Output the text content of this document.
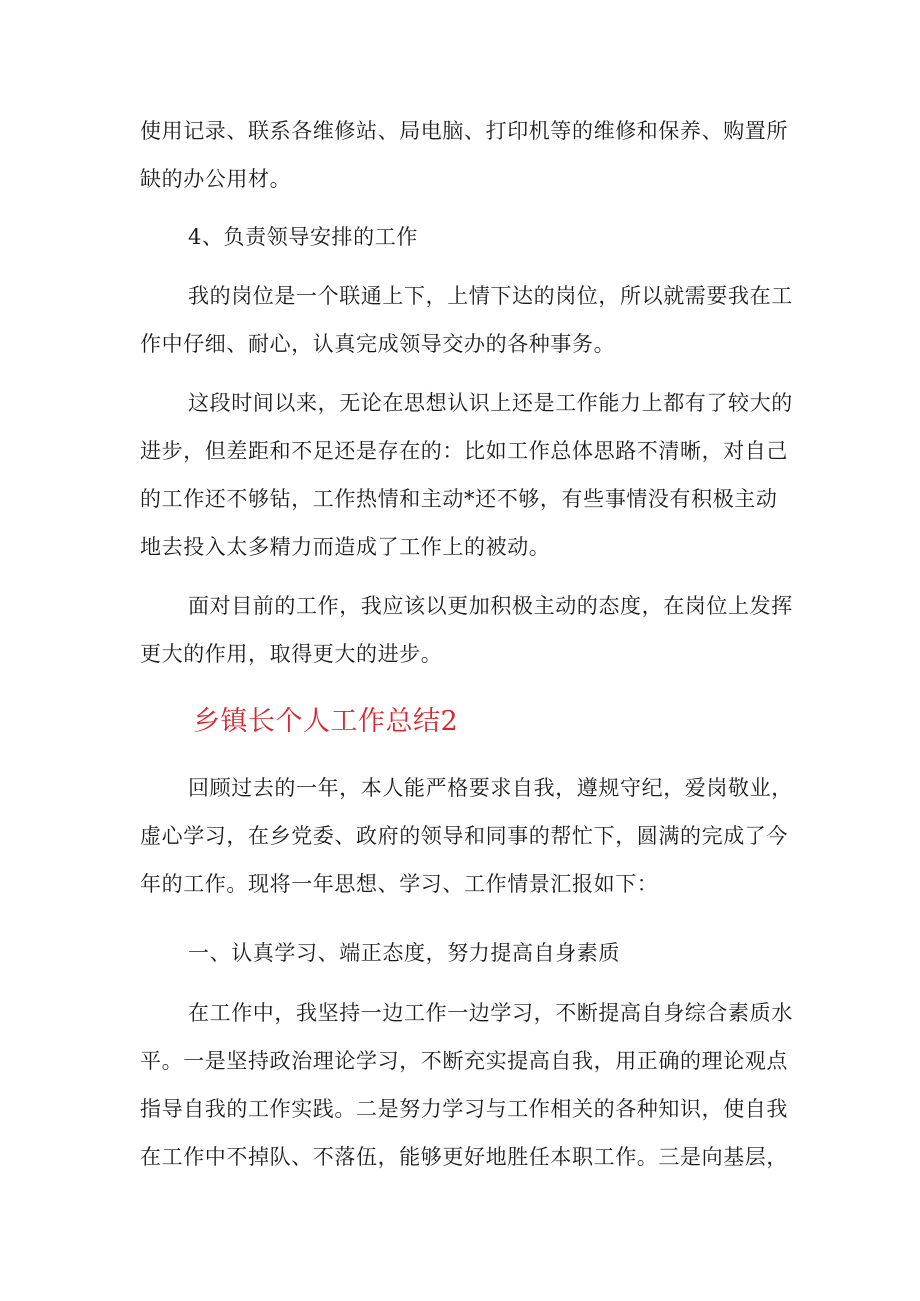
使用记录、联系各维修站、局电脑、打印机等的维修和保养、购置所

缺的办公用材。

4、负责领导安排的工作

我的岗位是一个联通上下，上情下达的岗位，所以就需要我在工

作中仔细、耐心，认真完成领导交办的各种事务。

这段时间以来，无论在思想认识上还是工作能力上都有了较大的

进步，但差距和不足还是存在的：比如工作总体思路不清晰，对自己

的工作还不够钻，工作热情和主动*还不够，有些事情没有积极主动

地去投入太多精力而造成了工作上的被动。

面对目前的工作，我应该以更加积极主动的态度，在岗位上发挥

更大的作用，取得更大的进步。

乡镇长个人工作总结2

回顾过去的一年，本人能严格要求自我，遵规守纪，爱岗敬业，

虚心学习，在乡党委、政府的领导和同事的帮忙下，圆满的完成了今

年的工作。现将一年思想、学习、工作情景汇报如下：

一、认真学习、端正态度，努力提高自身素质

在工作中，我坚持一边工作一边学习，不断提高自身综合素质水

平。一是坚持政治理论学习，不断充实提高自我，用正确的理论观点

指导自我的工作实践。二是努力学习与工作相关的各种知识，使自我

在工作中不掉队、不落伍，能够更好地胜任本职工作。三是向基层，
